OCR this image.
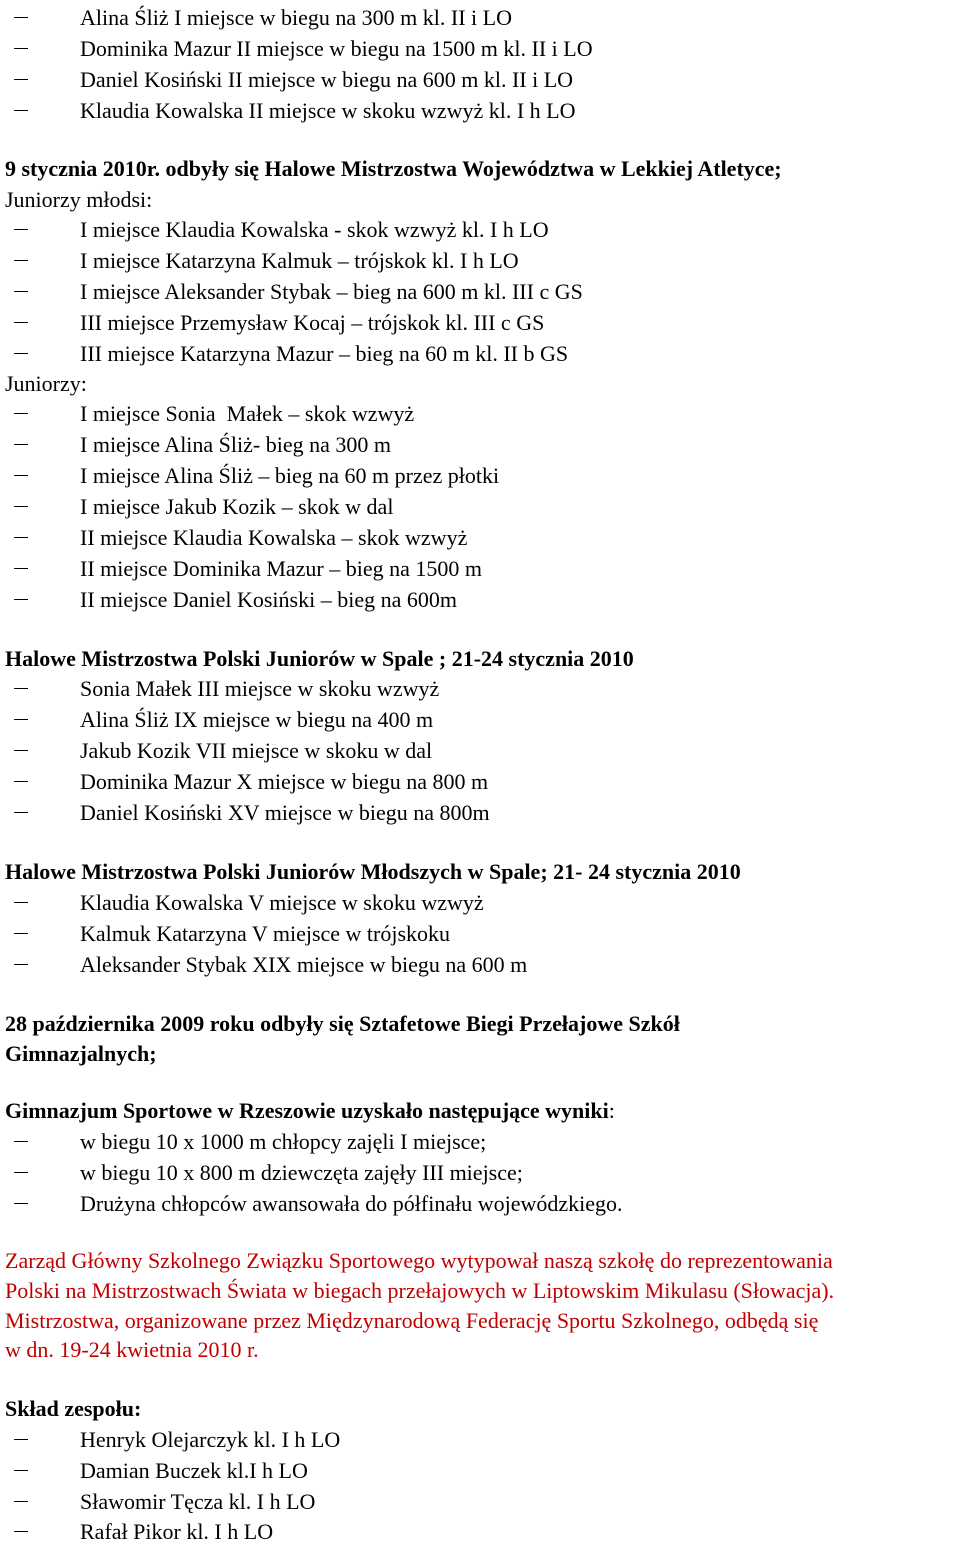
Alina Śliż I miejsce w biegu na 300 m kl. II i LO
Dominika Mazur II miejsce w biegu na 1500 m kl. II i LO
Daniel Kosiński II miejsce w biegu na 600 m kl. II i LO
Klaudia Kowalska II miejsce w skoku wzwyż kl. I h LO
9 stycznia 2010r. odbyły się Halowe Mistrzostwa Województwa w Lekkiej Atletyce;
Juniorzy młodsi:
I miejsce Klaudia Kowalska - skok wzwyż kl. I h LO
I miejsce Katarzyna Kalmuk – trójskok kl. I h LO
I miejsce Aleksander Stybak – bieg na 600 m kl. III c GS
III miejsce Przemysław Kocaj – trójskok kl. III c GS
III miejsce Katarzyna Mazur – bieg na 60 m kl. II b GS
Juniorzy:
I miejsce Sonia  Małek – skok wzwyż
I miejsce Alina Śliż- bieg na 300 m
I miejsce Alina Śliż – bieg na 60 m przez płotki
I miejsce Jakub Kozik – skok w dal
II miejsce Klaudia Kowalska – skok wzwyż
II miejsce Dominika Mazur – bieg na 1500 m
II miejsce Daniel Kosiński – bieg na 600m
Halowe Mistrzostwa Polski Juniorów w Spale ; 21-24 stycznia 2010
Sonia Małek III miejsce w skoku wzwyż
Alina Śliż IX miejsce w biegu na 400 m
Jakub Kozik VII miejsce w skoku w dal
Dominika Mazur X miejsce w biegu na 800 m
Daniel Kosiński XV miejsce w biegu na 800m
Halowe Mistrzostwa Polski Juniorów Młodszych w Spale; 21- 24 stycznia 2010
Klaudia Kowalska V miejsce w skoku wzwyż
Kalmuk Katarzyna V miejsce w trójskoku
Aleksander Stybak XIX miejsce w biegu na 600 m
28 października 2009 roku odbyły się Sztafetowe Biegi Przełajowe Szkół
Gimnazjalnych;
Gimnazjum Sportowe w Rzeszowie uzyskało następujące wyniki:
w biegu 10 x 1000 m chłopcy zajęli I miejsce;
w biegu 10 x 800 m dziewczęta zajęły III miejsce;
Drużyna chłopców awansowała do półfinału wojewódzkiego.
Zarząd Główny Szkolnego Związku Sportowego wytypował naszą szkołę do reprezentowania
Polski na Mistrzostwach Świata w biegach przełajowych w Liptowskim Mikulasu (Słowacja).
Mistrzostwa, organizowane przez Międzynarodową Federację Sportu Szkolnego, odbędą się
w dn. 19-24 kwietnia 2010 r.
Skład zespołu:
Henryk Olejarczyk kl. I h LO
Damian Buczek kl.I h LO
Sławomir Tęcza kl. I h LO
Rafał Pikor kl. I h LO
